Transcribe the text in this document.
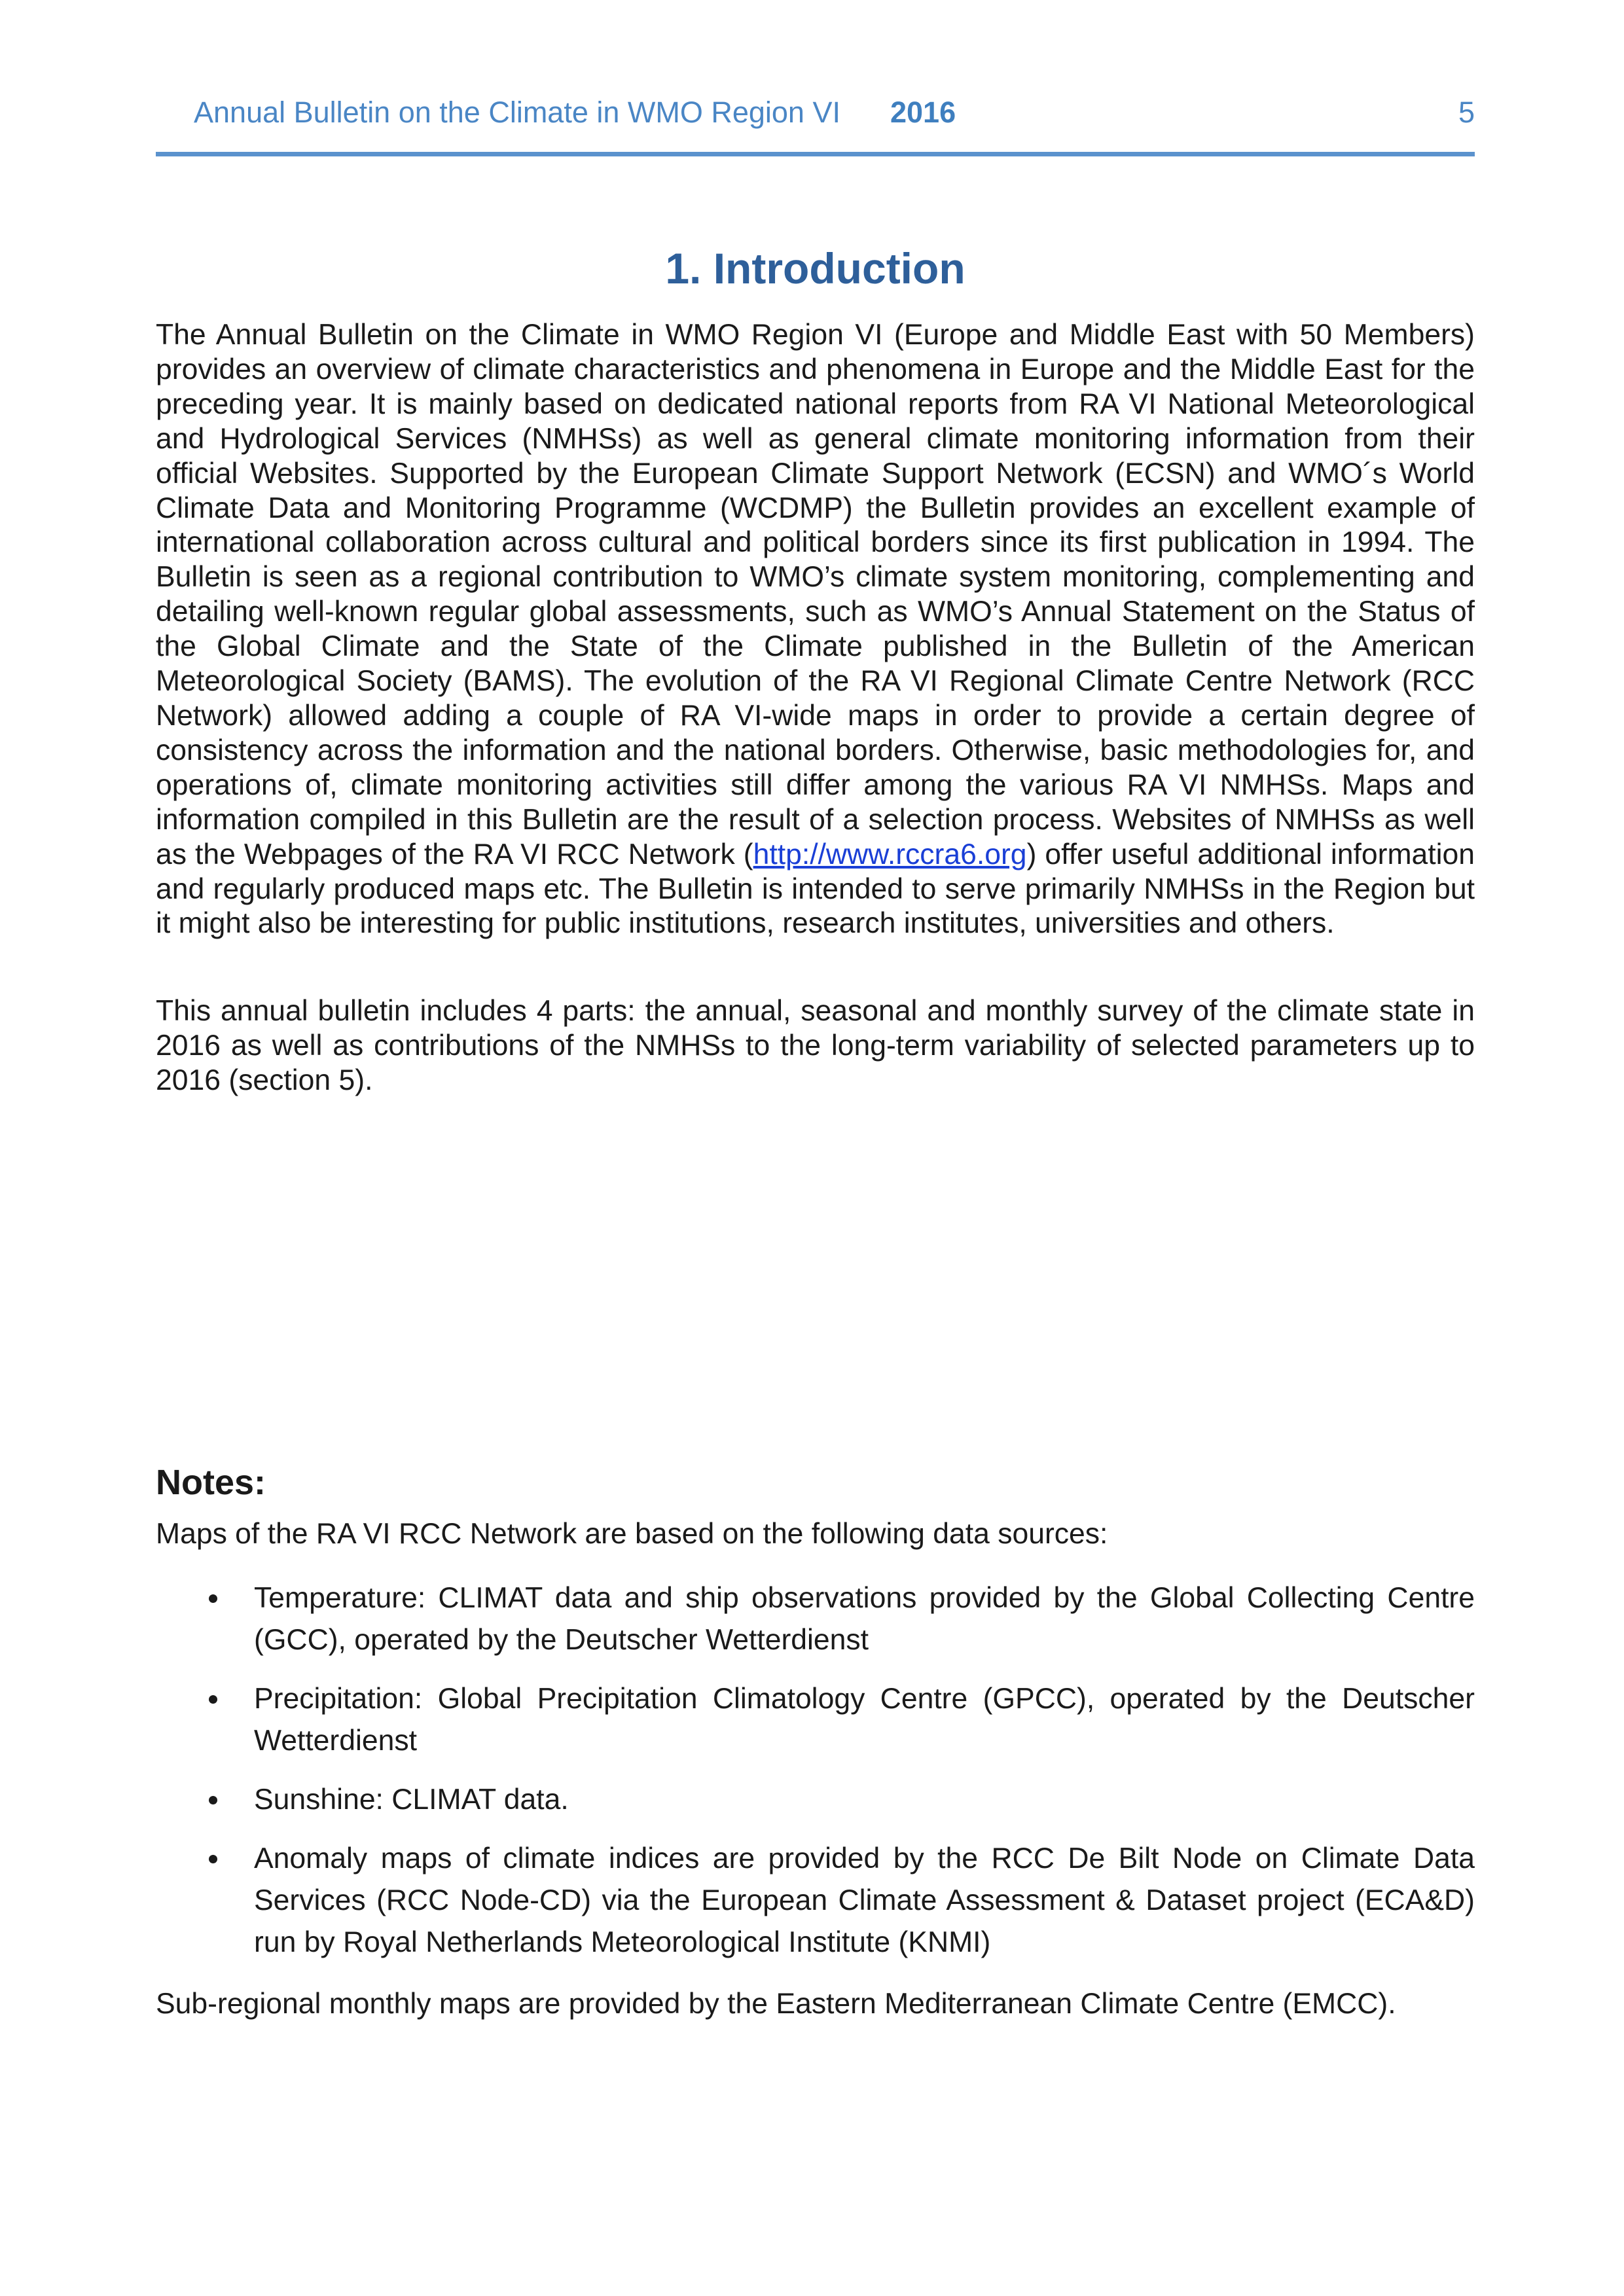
Annual Bulletin on the Climate in WMO Region VI 2016	5
1. Introduction

The Annual Bulletin on the Climate in WMO Region VI (Europe and Middle East with 50 Members) provides an overview of climate characteristics and phenomena in Europe and the Middle East for the preceding year. It is mainly based on dedicated national reports from RA VI National Meteorological and Hydrological Services (NMHSs) as well as general climate monitoring information from their official Websites. Supported by the European Climate Support Network (ECSN) and WMO´s World Climate Data and Monitoring Programme (WCDMP) the Bulletin provides an excellent example of international collaboration across cultural and political borders since its first publication in 1994. The Bulletin is seen as a regional contribution to WMO’s climate system monitoring, complementing and detailing well-known regular global assessments, such as WMO’s Annual Statement on the Status of the Global Climate and the State of the Climate published in the Bulletin of the American Meteorological Society (BAMS). The evolution of the RA VI Regional Climate Centre Network (RCC Network) allowed adding a couple of RA VI-wide maps in order to provide a certain degree of consistency across the information and the national borders. Otherwise, basic methodologies for, and operations of, climate monitoring activities still differ among the various RA VI NMHSs. Maps and information compiled in this Bulletin are the result of a selection process. Websites of NMHSs as well as the Webpages of the RA VI RCC Network (http://www.rccra6.org) offer useful additional information and regularly produced maps etc. The Bulletin is intended to serve primarily NMHSs in the Region but it might also be interesting for public institutions, research institutes, universities and others.

This annual bulletin includes 4 parts: the annual, seasonal and monthly survey of the climate state in 2016 as well as contributions of the NMHSs to the long-term variability of selected parameters up to 2016 (section 5).

Notes:
Maps of the RA VI RCC Network are based on the following data sources:
Temperature: CLIMAT data and ship observations provided by the Global Collecting Centre (GCC), operated by the Deutscher Wetterdienst
Precipitation: Global Precipitation Climatology Centre (GPCC), operated by the Deutscher Wetterdienst
Sunshine: CLIMAT data.
Anomaly maps of climate indices are provided by the RCC De Bilt Node on Climate Data Services (RCC Node-CD) via the European Climate Assessment & Dataset project (ECA&D) run by Royal Netherlands Meteorological Institute (KNMI)
Sub-regional monthly maps are provided by the Eastern Mediterranean Climate Centre (EMCC).
